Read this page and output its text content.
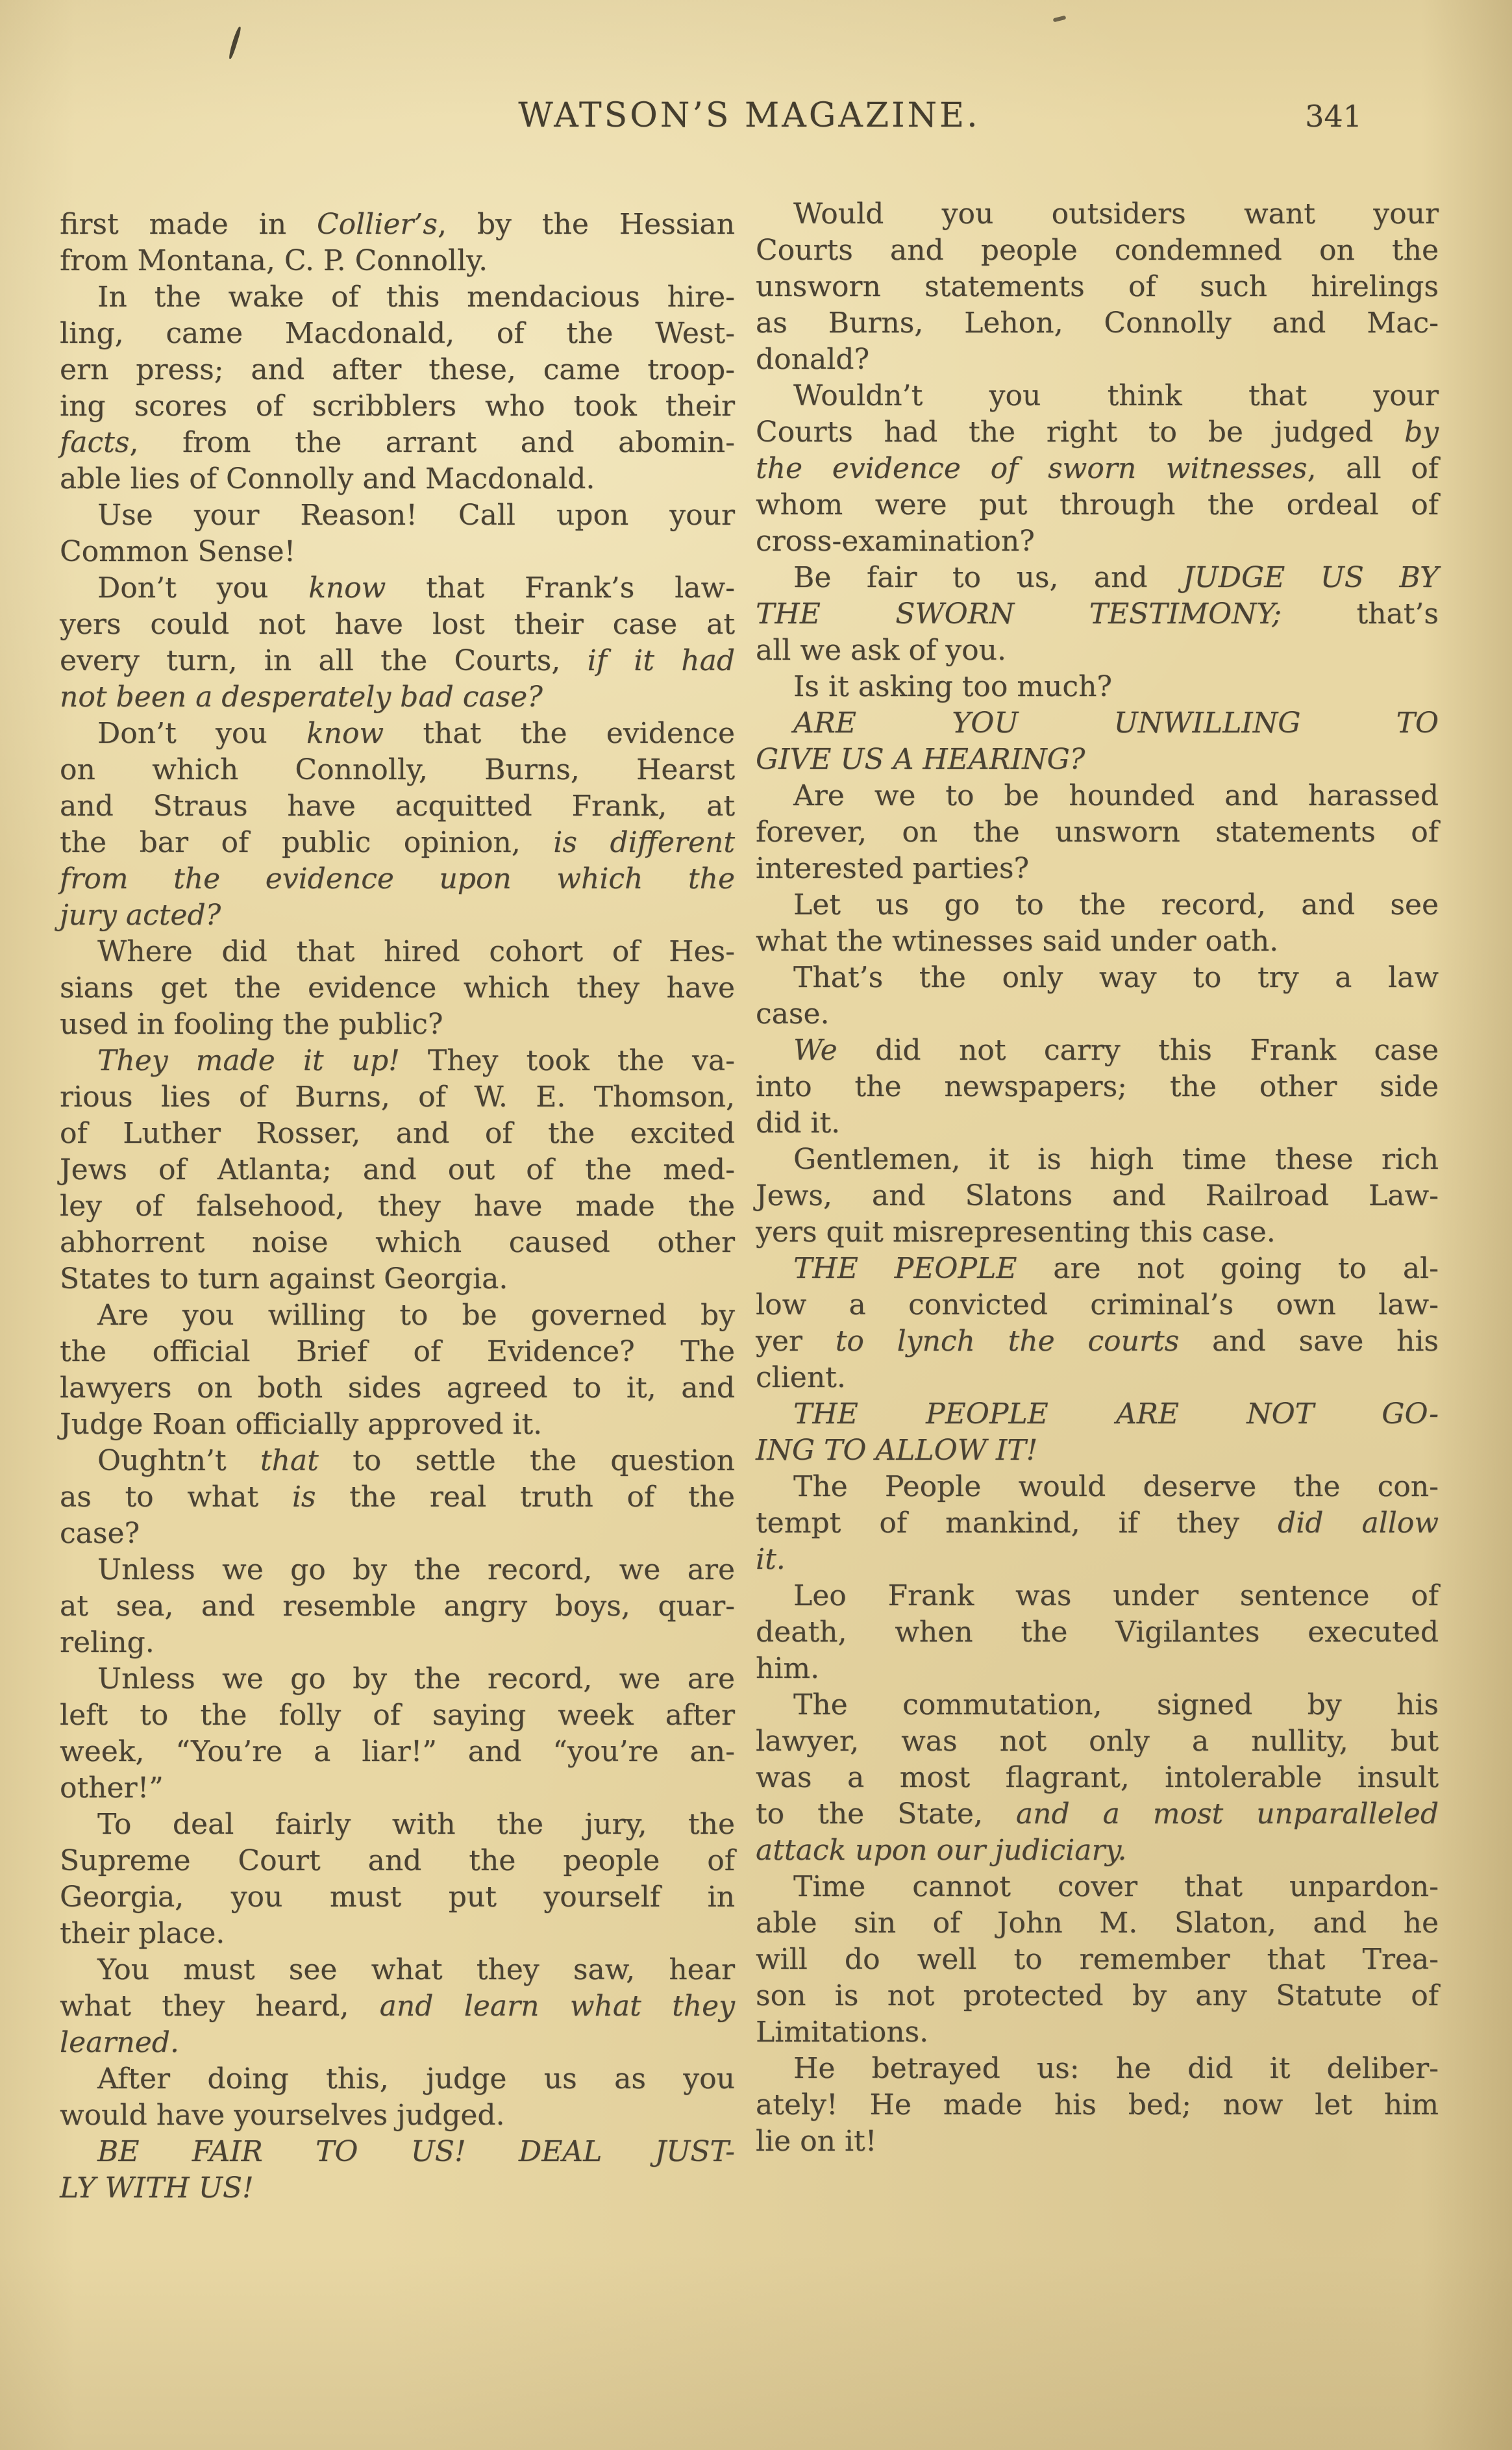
WATSON’S MAGAZINE.	341

first made in Collier’s, by the Hessian
from Montana, C. P. Connolly.

In the wake of this mendacious hire-
ling, came Macdonald, of the West-
ern press; and after these, came troop-
ing scores of scribblers who took their
facts, from the arrant and abomin-
able lies of Connolly and Macdonald.

Use your Reason! Call upon your
Common Sense!

Don’t you know that Frank’s law-
yers could not have lost their case at
every turn, in all the Courts, if it had
not been a desperately bad case?

Don’t you know that the evidence
on which Connolly, Burns, Hearst
and Straus have acquitted Frank, at
the bar of public opinion, is different
from the evidence upon which the
jury acted?

Where did that hired cohort of Hes-
sians get the evidence which they have
used in fooling the public?

They made it up! They took the va-
rious lies of Burns, of W. E. Thomson,
of Luther Rosser, and of the excited
Jews of Atlanta; and out of the med-
ley of falsehood, they have made the
abhorrent noise which caused other
States to turn against Georgia.

Are you willing to be governed by
the official Brief of Evidence? The
lawyers on both sides agreed to it, and
Judge Roan officially approved it.

Oughtn’t that to settle the question
as to what is the real truth of the
case?

Unless we go by the record, we are
at sea, and resemble angry boys, quar-
reling.

Unless we go by the record, we are
left to the folly of saying week after
week, “You’re a liar!” and “you’re an-
other!”

To deal fairly with the jury, the
Supreme Court and the people of
Georgia, you must put yourself in
their place.

You must see what they saw, hear
what they heard, and learn what they
learned.

After doing this, judge us as you
would have yourselves judged.

BE FAIR TO US! DEAL JUST-
LY WITH US!

Would you outsiders want your
Courts and people condemned on the
unsworn statements of such hirelings
as Burns, Lehon, Connolly and Mac-
donald?

Wouldn’t you think that your
Courts had the right to be judged by
the evidence of sworn witnesses, all of
whom were put through the ordeal of
cross-examination?

Be fair to us, and JUDGE US BY
THE SWORN TESTIMONY; that’s
all we ask of you.

Is it asking too much?

ARE YOU UNWILLING TO
GIVE US A HEARING?

Are we to be hounded and harassed
forever, on the unsworn statements of
interested parties?

Let us go to the record, and see
what the wtinesses said under oath.

That’s the only way to try a law
case.

We did not carry this Frank case
into the newspapers; the other side
did it.

Gentlemen, it is high time these rich
Jews, and Slatons and Railroad Law-
yers quit misrepresenting this case.

THE PEOPLE are not going to al-
low a convicted criminal’s own law-
yer to lynch the courts and save his
client.

THE PEOPLE ARE NOT GO-
ING TO ALLOW IT!

The People would deserve the con-
tempt of mankind, if they did allow
it.

Leo Frank was under sentence of
death, when the Vigilantes executed
him.

The commutation, signed by his
lawyer, was not only a nullity, but
was a most flagrant, intolerable insult
to the State, and a most unparalleled
attack upon our judiciary.

Time cannot cover that unpardon-
able sin of John M. Slaton, and he
will do well to remember that Trea-
son is not protected by any Statute of
Limitations.

He betrayed us: he did it deliber-
ately! He made his bed; now let him
lie on it!
